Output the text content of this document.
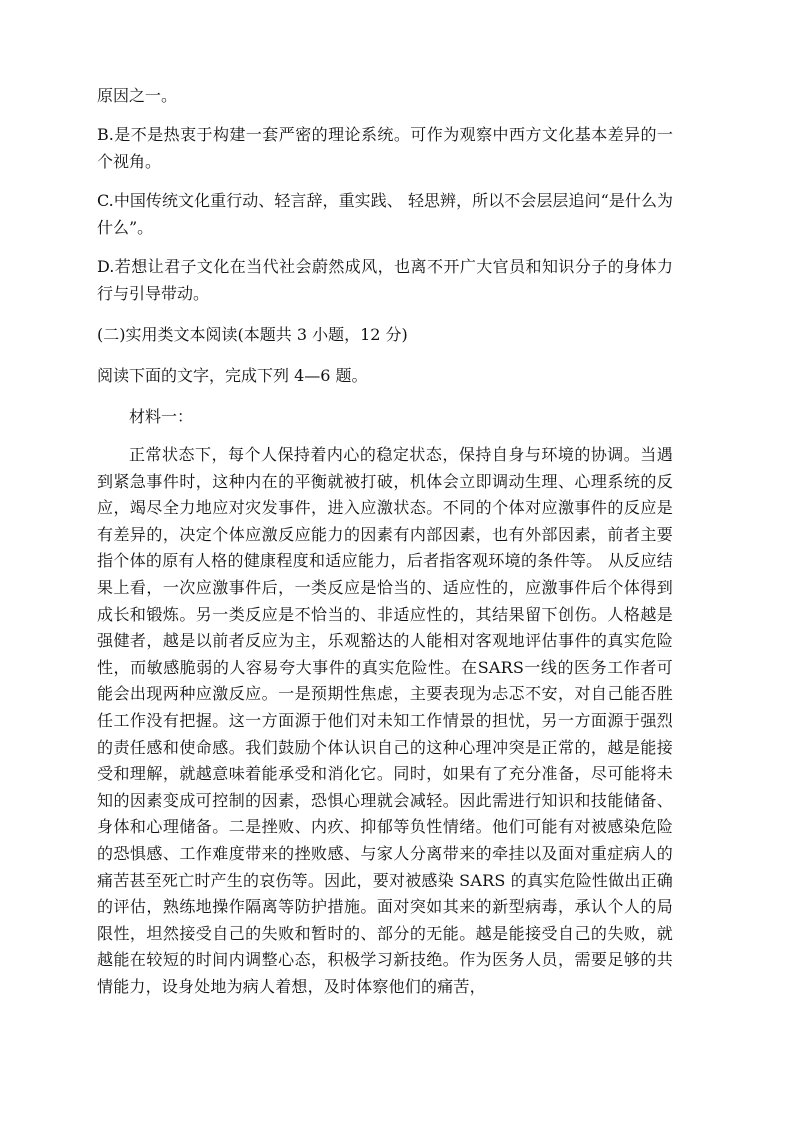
原因之一。

B.是不是热衷于构建一套严密的理论系统。可作为观察中西方文化基本差异的一个视角。

C.中国传统文化重行动、轻言辞，重实践、 轻思辨，所以不会层层追问“是什么为什么”。

D.若想让君子文化在当代社会蔚然成风，也离不开广大官员和知识分子的身体力行与引导带动。

(二)实用类文本阅读(本题共 3 小题，12 分)

阅读下面的文字，完成下列 4—6 题。

材料一：

正常状态下，每个人保持着内心的稳定状态，保持自身与环境的协调。当遇到紧急事件时，这种内在的平衡就被打破，机体会立即调动生理、心理系统的反应，竭尽全力地应对灾发事件，进入应激状态。不同的个体对应激事件的反应是有差异的，决定个体应激反应能力的因素有内部因素，也有外部因素，前者主要指个体的原有人格的健康程度和适应能力，后者指客观环境的条件等。 从反应结果上看，一次应激事件后，一类反应是恰当的、适应性的，应激事件后个体得到成长和锻炼。另一类反应是不恰当的、非适应性的，其结果留下创伤。人格越是强健者，越是以前者反应为主，乐观豁达的人能相对客观地评估事件的真实危险性，而敏感脆弱的人容易夸大事件的真实危险性。在SARS一线的医务工作者可能会出现两种应激反应。一是预期性焦虑，主要表现为忐忑不安，对自己能否胜任工作没有把握。这一方面源于他们对未知工作情景的担忧，另一方面源于强烈的责任感和使命感。我们鼓励个体认识自己的这种心理冲突是正常的，越是能接受和理解，就越意味着能承受和消化它。同时，如果有了充分准备，尽可能将未知的因素变成可控制的因素，恐惧心理就会减轻。因此需进行知识和技能储备、身体和心理储备。二是挫败、内疚、抑郁等负性情绪。他们可能有对被感染危险的恐惧感、工作难度带来的挫败感、与家人分离带来的牵挂以及面对重症病人的痛苦甚至死亡时产生的哀伤等。因此，要对被感染 SARS 的真实危险性做出正确的评估，熟练地操作隔离等防护措施。面对突如其来的新型病毒，承认个人的局限性，坦然接受自己的失败和暂时的、部分的无能。越是能接受自己的失败，就越能在较短的时间内调整心态，积极学习新技绝。作为医务人员，需要足够的共情能力，设身处地为病人着想，及时体察他们的痛苦，
